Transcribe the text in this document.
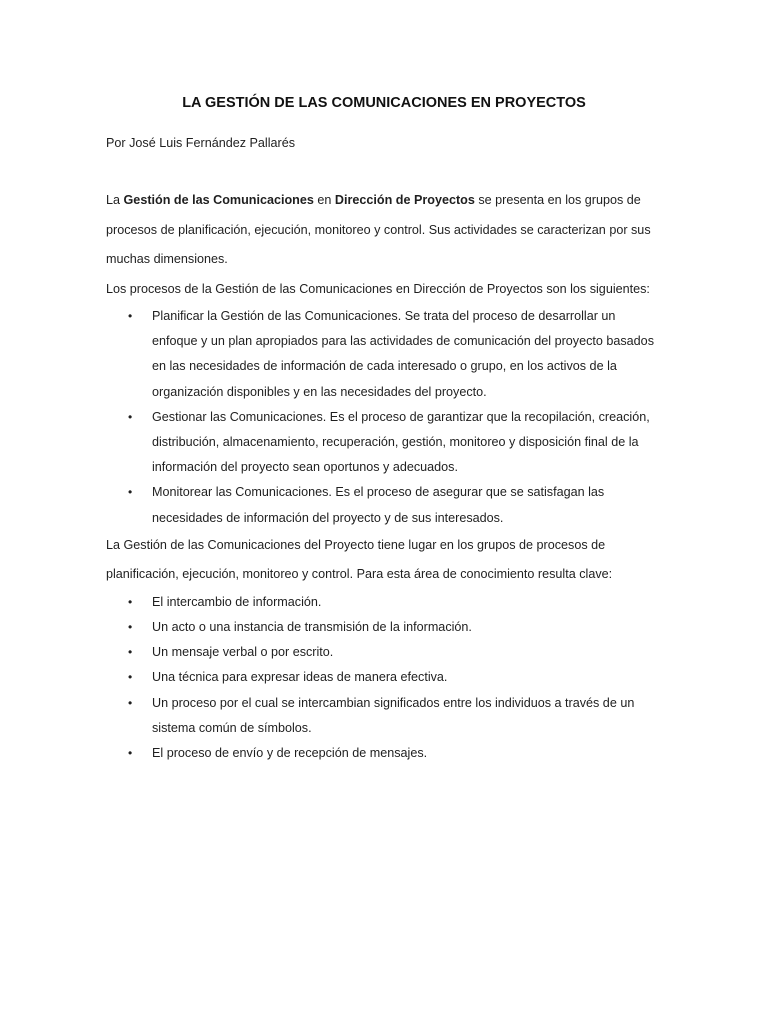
LA GESTIÓN DE LAS COMUNICACIONES EN PROYECTOS
Por José Luis Fernández Pallarés

La Gestión de las Comunicaciones en Dirección de Proyectos se presenta en los grupos de procesos de planificación, ejecución, monitoreo y control. Sus actividades se caracterizan por sus muchas dimensiones.

Los procesos de la Gestión de las Comunicaciones en Dirección de Proyectos son los siguientes:

• Planificar la Gestión de las Comunicaciones. Se trata del proceso de desarrollar un enfoque y un plan apropiados para las actividades de comunicación del proyecto basados en las necesidades de información de cada interesado o grupo, en los activos de la organización disponibles y en las necesidades del proyecto.
• Gestionar las Comunicaciones. Es el proceso de garantizar que la recopilación, creación, distribución, almacenamiento, recuperación, gestión, monitoreo y disposición final de la información del proyecto sean oportunos y adecuados.
• Monitorear las Comunicaciones. Es el proceso de asegurar que se satisfagan las necesidades de información del proyecto y de sus interesados.

La Gestión de las Comunicaciones del Proyecto tiene lugar en los grupos de procesos de planificación, ejecución, monitoreo y control. Para esta área de conocimiento resulta clave:

• El intercambio de información.
• Un acto o una instancia de transmisión de la información.
• Un mensaje verbal o por escrito.
• Una técnica para expresar ideas de manera efectiva.
• Un proceso por el cual se intercambian significados entre los individuos a través de un sistema común de símbolos.
• El proceso de envío y de recepción de mensajes.
